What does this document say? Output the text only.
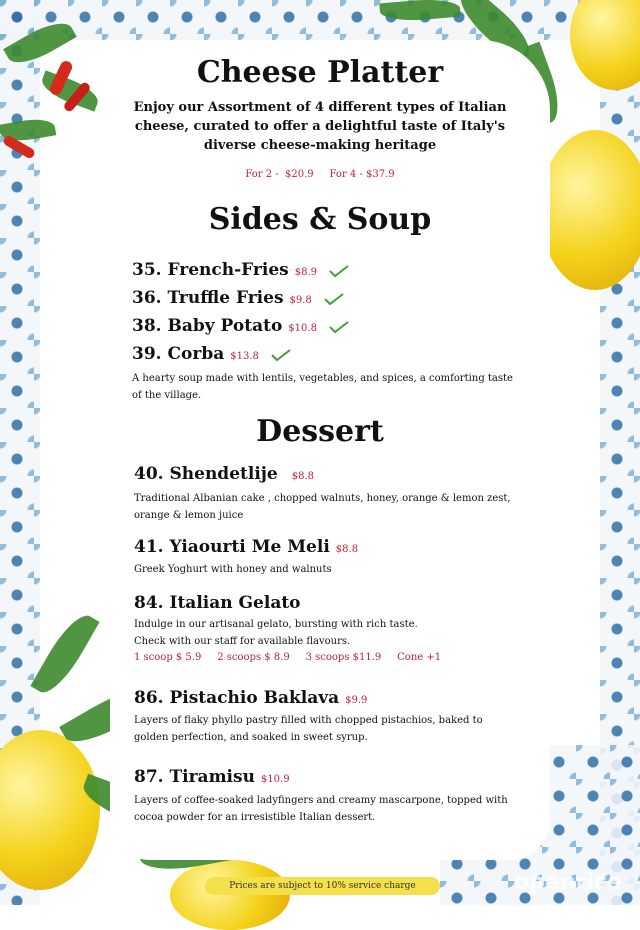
Cheese Platter
Enjoy our Assortment of 4 different types of Italian
cheese, curated to offer a delightful taste of Italy's
diverse cheese-making heritage
For 2 -  $20.9     For 4 - $37.9
Sides & Soup
35. French-Fries $8.9
36. Truffle Fries $9.8
38. Baby Potato $10.8
39. Corba $13.8
A hearty soup made with lentils, vegetables, and spices, a comforting taste
of the village.
Dessert
40. Shendetlije $8.8
Traditional Albanian cake , chopped walnuts, honey, orange & lemon zest,
orange & lemon juice
41. Yiaourti Me Meli $8.8
Greek Yoghurt with honey and walnuts
84. Italian Gelato
Indulge in our artisanal gelato, bursting with rich taste.
Check with our staff for available flavours.
1 scoop $ 5.9     2 scoops $ 8.9     3 scoops $11.9     Cone +1
86. Pistachio Baklava $9.9
Layers of flaky phyllo pastry filled with chopped pistachios, baked to
golden perfection, and soaked in sweet syrup.
87. Tiramisu $10.9
Layers of coffee-soaked ladyfingers and creamy mascarpone, topped with
cocoa powder for an irresistible Italian dessert.
Prices are subject to 10% service charge	openrice
